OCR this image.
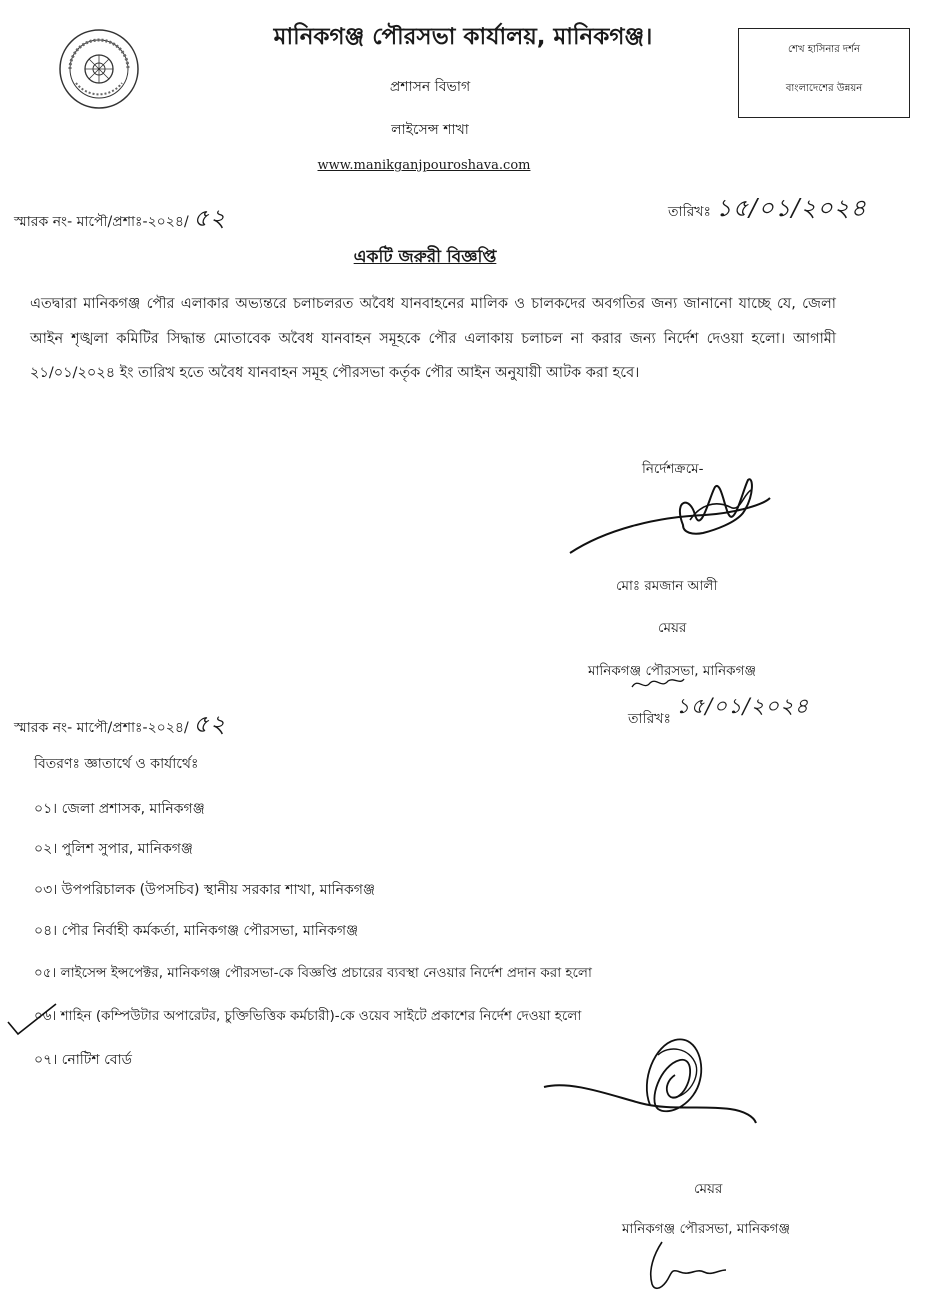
মানিকগঞ্জ পৌরসভা কার্যালয়, মানিকগঞ্জ।
প্রশাসন বিভাগ
লাইসেন্স শাখা
www.manikganjpouroshava.com
শেখ হাসিনার দর্শন
বাংলাদেশের উন্নয়ন
স্মারক নং- মাপৌ/প্রশাঃ-২০২৪/ ৫২	তারিখঃ ১৫/০১/২০২৪
একটি জরুরী বিজ্ঞপ্তি
এতদ্বারা মানিকগঞ্জ পৌর এলাকার অভ্যন্তরে চলাচলরত অবৈধ যানবাহনের মালিক ও চালকদের অবগতির জন্য জানানো যাচ্ছে যে, জেলা আইন শৃঙ্খলা কমিটির সিদ্ধান্ত মোতাবেক অবৈধ যানবাহন সমূহকে পৌর এলাকায় চলাচল না করার জন্য নির্দেশ দেওয়া হলো। আগামী ২১/০১/২০২৪ ইং তারিখ হতে অবৈধ যানবাহন সমূহ পৌরসভা কর্তৃক পৌর আইন অনুযায়ী আটক করা হবে।
নির্দেশক্রমে-
মোঃ রমজান আলী
মেয়র
মানিকগঞ্জ পৌরসভা, মানিকগঞ্জ
স্মারক নং- মাপৌ/প্রশাঃ-২০২৪/ ৫২	তারিখঃ ১৫/০১/২০২৪
বিতরণঃ জ্ঞাতার্থে ও কার্যার্থেঃ
০১। জেলা প্রশাসক, মানিকগঞ্জ
০২। পুলিশ সুপার, মানিকগঞ্জ
০৩। উপপরিচালক (উপসচিব) স্থানীয় সরকার শাখা, মানিকগঞ্জ
০৪। পৌর নির্বাহী কর্মকর্তা, মানিকগঞ্জ পৌরসভা, মানিকগঞ্জ
০৫। লাইসেন্স ইন্সপেক্টর, মানিকগঞ্জ পৌরসভা-কে বিজ্ঞপ্তি প্রচারের ব্যবস্থা নেওয়ার নির্দেশ প্রদান করা হলো
০৬। শাহিন (কম্পিউটার অপারেটর, চুক্তিভিত্তিক কর্মচারী)-কে ওয়েব সাইটে প্রকাশের নির্দেশ দেওয়া হলো
০৭। নোটিশ বোর্ড
মেয়র
মানিকগঞ্জ পৌরসভা, মানিকগঞ্জ
